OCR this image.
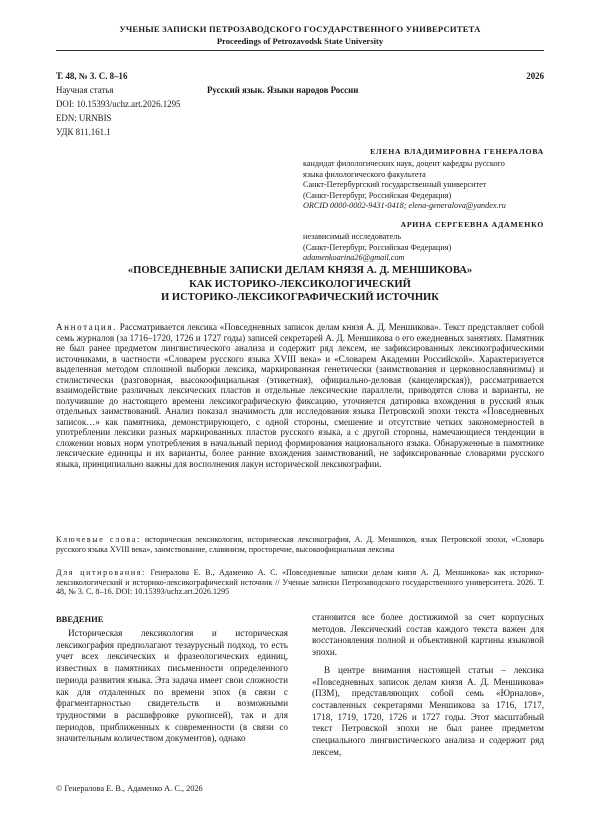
УЧЕНЫЕ ЗАПИСКИ ПЕТРОЗАВОДСКОГО ГОСУДАРСТВЕННОГО УНИВЕРСИТЕТА
Proceedings of Petrozavodsk State University
Т. 48, № 3. С. 8–16	2026
Научная статья	Русский язык. Языки народов России
DOI: 10.15393/uchz.art.2026.1295
EDN: URNBIS
УДК 811.161.1
ЕЛЕНА ВЛАДИМИРОВНА ГЕНЕРАЛОВА
кандидат филологических наук, доцент кафедры русского
языка филологического факультета
Санкт-Петербургский государственный университет
(Санкт-Петербург, Российская Федерация)
ORCID 0000-0002-9431-0418; elena-generalova@yandex.ru
АРИНА СЕРГЕЕВНА АДАМЕНКО
независимый исследователь
(Санкт-Петербург, Российская Федерация)
adamenkoarina26@gmail.com
«ПОВСЕДНЕВНЫЕ ЗАПИСКИ ДЕЛАМ КНЯЗЯ А. Д. МЕНШИКОВА»
КАК ИСТОРИКО-ЛЕКСИКОЛОГИЧЕСКИЙ
И ИСТОРИКО-ЛЕКСИКОГРАФИЧЕСКИЙ ИСТОЧНИК
Аннотация. Рассматривается лексика «Повседневных записок делам князя А. Д. Меншикова». Текст представляет собой семь журналов (за 1716–1720, 1726 и 1727 годы) записей секретарей А. Д. Меншикова о его ежедневных занятиях. Памятник не был ранее предметом лингвистического анализа и содержит ряд лексем, не зафиксированных лексикографическими источниками, в частности «Словарем русского языка XVIII века» и «Словарем Академии Российской». Характеризуется выделенная методом сплошной выборки лексика, маркированная генетически (заимствования и церковнославянизмы) и стилистически (разговорная, высокоофициальная (этикетная), официально-деловая (канцелярская)), рассматривается взаимодействие различных лексических пластов и отдельные лексические параллели, приводятся слова и варианты, не получившие до настоящего времени лексикографическую фиксацию, уточняется датировка вхождения в русский язык отдельных заимствований. Анализ показал значимость для исследования языка Петровской эпохи текста «Повседневных записок…» как памятника, демонстрирующего, с одной стороны, смешение и отсутствие четких закономерностей в употреблении лексики разных маркированных пластов русского языка, а с другой стороны, намечающиеся тенденции в сложении новых норм употребления в начальный период формирования национального языка. Обнаруженные в памятнике лексические единицы и их варианты, более ранние вхождения заимствований, не зафиксированные словарями русского языка, принципиально важны для восполнения лакун исторической лексикографии.
Ключевые слова: историческая лексикология, историческая лексикография, А. Д. Меншиков, язык Петровской эпохи, «Словарь русского языка XVIII века», заимствование, славянизм, просторечие, высокоофициальная лексика
Для цитирования: Генералова Е. В., Адаменко А. С. «Повседневные записки делам князя А. Д. Меншикова» как историко-лексикологический и историко-лексикографический источник // Ученые записки Петрозаводского государственного университета. 2026. Т. 48, № 3. С. 8–16. DOI: 10.15393/uchz.art.2026.1295
ВВЕДЕНИЕ

Историческая лексикология и историческая лексикография предполагают тезаурусный подход, то есть учет всех лексических и фразеологических единиц, известных в памятниках письменности определенного периода развития языка. Эта задача имеет свои сложности как для отдаленных по времени эпох (в связи с фрагментарностью свидетельств и возможными трудностями в расшифровке рукописей), так и для периодов, приближенных к современности (в связи со значительным количеством документов), однако

становится все более достижимой за счет корпусных методов. Лексический состав каждого текста важен для восстановления полной и объективной картины языковой эпохи.

В центре внимания настоящей статьи – лексика «Повседневных записок делам князя А. Д. Меншикова» (ПЗМ), представляющих собой семь «Юрналов», составленных секретарями Меншикова за 1716, 1717, 1718, 1719, 1720, 1726 и 1727 годы. Этот масштабный текст Петровской эпохи не был ранее предметом специального лингвистического анализа и содержит ряд лексем,

© Генералова Е. В., Адаменко А. С., 2026
